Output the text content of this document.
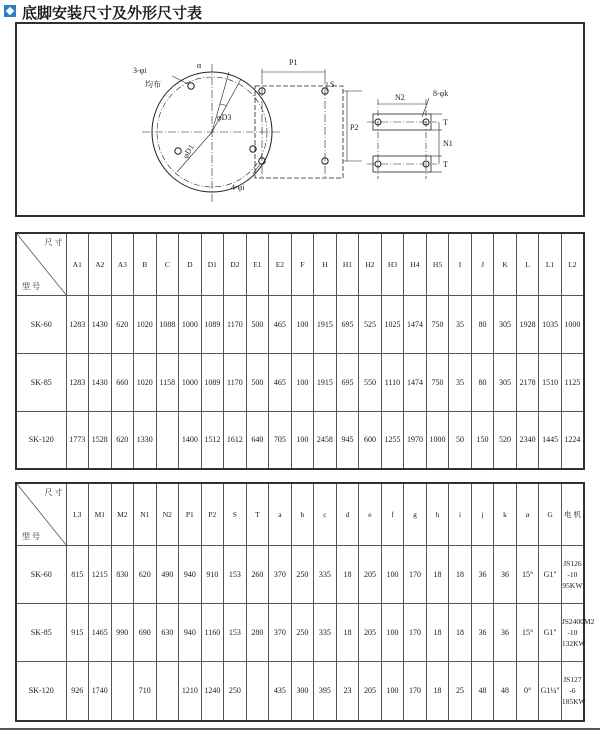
底脚安装尺寸及外形尺寸表
3-φi
均布
α
φD3
φD1
4-φi
P1
P2
S
N2	8-φk
T
T
N1
尺 寸
型 号	A1	A2	A3	B	C	D	D1	D2	E1	E2	F	H	H1	H2	H3	H4	H5	I	J	K	L	L1	L2
SK-60	1283	1430	620	1020	1088	1000	1089	1170	500	465	100	1915	695	525	1025	1474	750	35	80	305	1928	1035	1000
SK-85	1283	1430	660	1020	1158	1000	1089	1170	500	465	100	1915	695	550	1110	1474	750	35	80	305	2178	1510	1125
SK-120	1773	1528	620	1330		1400	1512	1612	640	705	100	2458	945	600	1255	1970	1000	50	150	520	2340	1445	1224
尺 寸
型 号	L3	M1	M2	N1	N2	P1	P2	S	T	a	b	c	d	e	f	g	h	i	j	k	α	G	电 机
SK-60	815	1215	830	620	490	940	910	153	260	370	250	335	18	205	100	170	18	18	36	36	15°	G1"	JS126
-10
95KW

SK-85	915	1465	990	690	630	940	1160	153	280	370	250	335	18	205	100	170	18	18	36	36	15°	G1"	JS2400M2
-10
132KW

SK-120	926	1740		710		1210	1240	250		435	300	395	23	205	100	170	18	25	48	48	0°	G1¼"	JS127
-6
185KW
